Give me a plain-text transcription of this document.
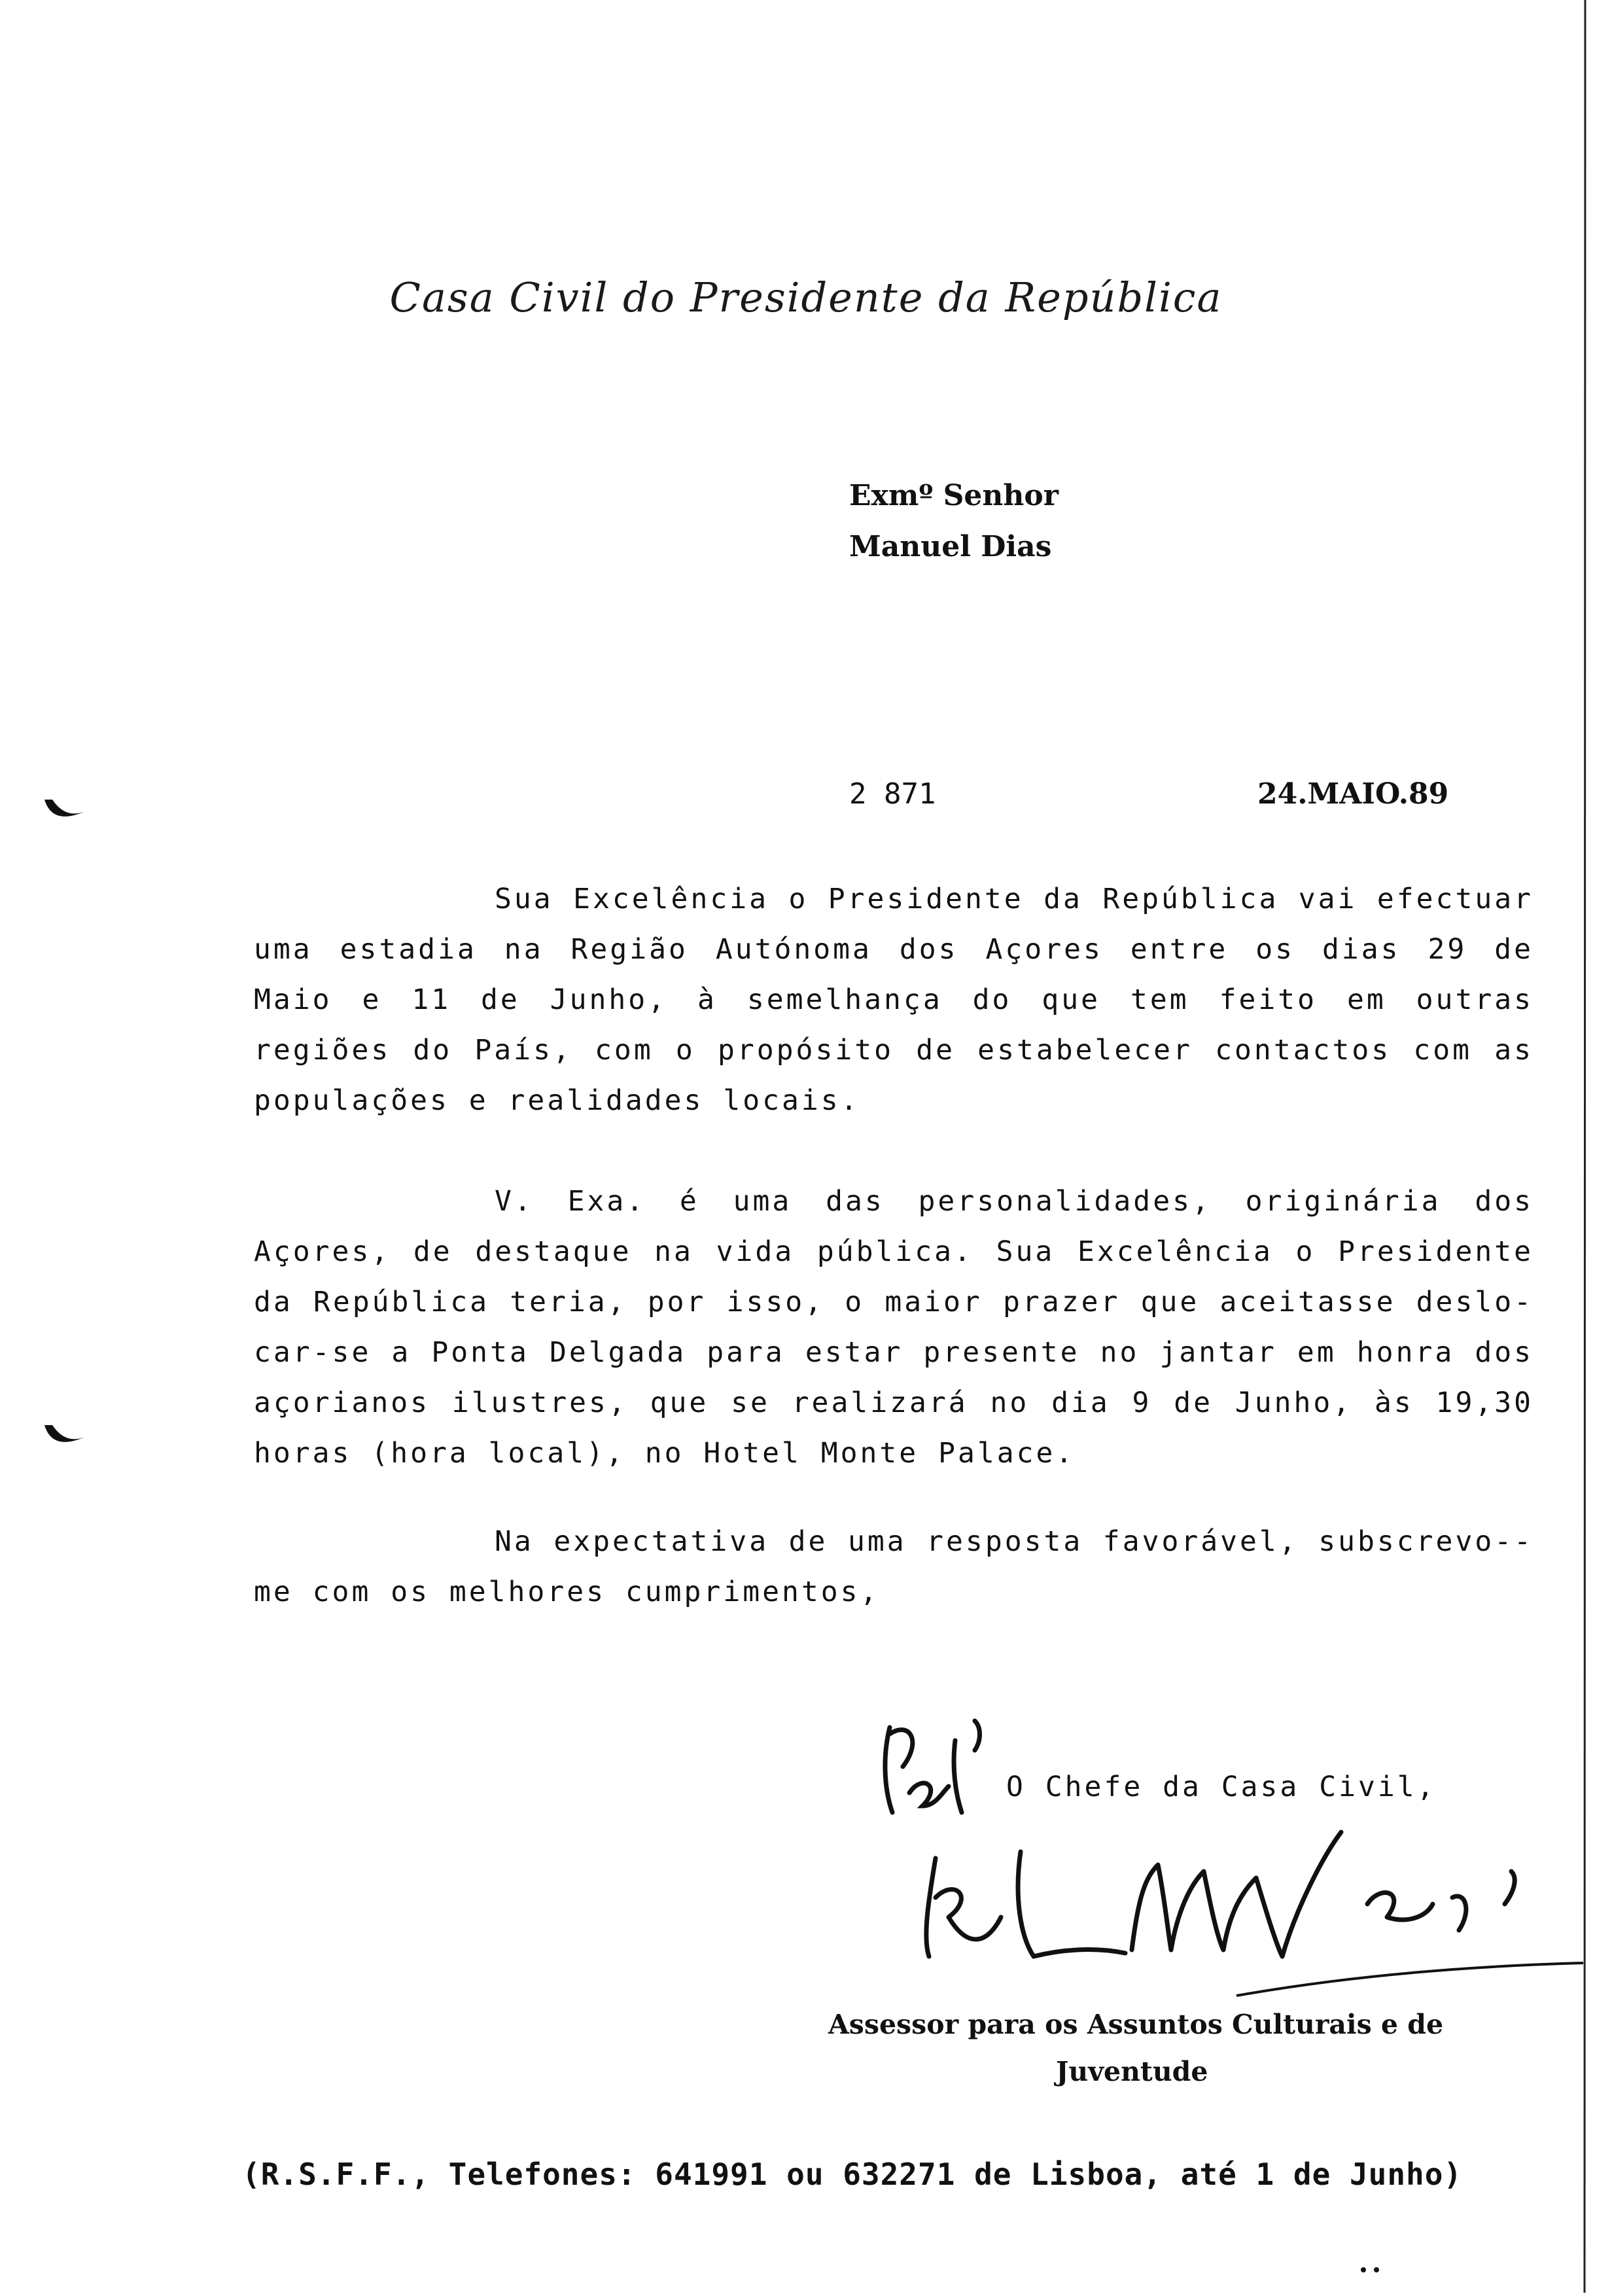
Casa Civil do Presidente da República
Exmº Senhor
Manuel Dias
2 871	24.MAIO.89

Sua Excelência o Presidente da República vai efectuar uma estadia na Região Autónoma dos Açores entre os dias 29 de Maio e 11 de Junho, à semelhança do que tem feito em outras regiões do País, com o propósito de estabelecer contactos com as populações e realidades locais.

V. Exa. é uma das personalidades, originária dos Açores, de destaque na vida pública. Sua Excelência o Presidente da República teria, por isso, o maior prazer que aceitasse deslo-car-se a Ponta Delgada para estar presente no jantar em honra dos açorianos ilustres, que se realizará no dia 9 de Junho, às 19,30 horas (hora local), no Hotel Monte Palace.

Na expectativa de uma resposta favorável, subscrevo--me com os melhores cumprimentos,

O Chefe da Casa Civil,
Assessor para os Assuntos Culturais e de
Juventude
(R.S.F.F., Telefones: 641991 ou 632271 de Lisboa, até 1 de Junho)
